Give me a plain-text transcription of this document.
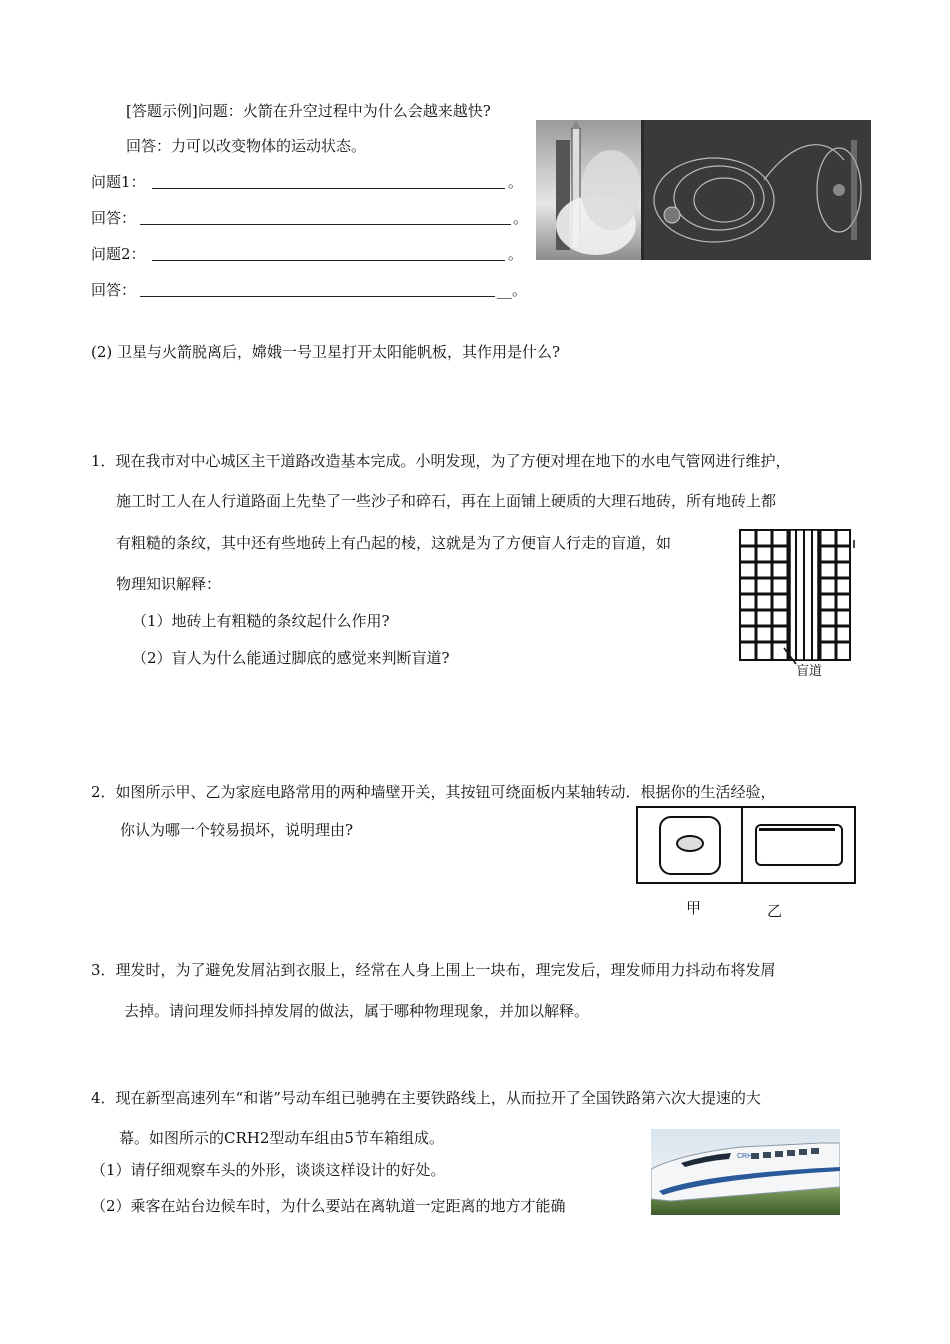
[答题示例]问题：火箭在升空过程中为什么会越来越快?
回答：力可以改变物体的运动状态。
问题1：	。
回答：	。
问题2：	。
回答：	__。
(2) 卫星与火箭脱离后，嫦娥一号卫星打开太阳能帆板，其作用是什么?
1．现在我市对中心城区主干道路改造基本完成。小明发现，为了方便对埋在地下的水电气管网进行维护，
施工时工人在人行道路面上先垫了一些沙子和碎石，再在上面铺上硬质的大理石地砖，所有地砖上都
有粗糙的条纹，其中还有些地砖上有凸起的棱，这就是为了方便盲人行走的盲道，如
物理知识解释：
（1）地砖上有粗糙的条纹起什么作用?
（2）盲人为什么能通过脚底的感觉来判断盲道?
盲道
2．如图所示甲、乙为家庭电路常用的两种墙壁开关，其按钮可绕面板内某轴转动．根据你的生活经验，
你认为哪一个较易损坏，说明理由?
甲	乙
3．理发时，为了避免发屑沾到衣服上，经常在人身上围上一块布，理完发后，理发师用力抖动布将发屑
去掉。请问理发师抖掉发屑的做法，属于哪种物理现象，并加以解释。
4．现在新型高速列车“和谐”号动车组已驰骋在主要铁路线上，从而拉开了全国铁路第六次大提速的大
幕。如图所示的CRH2型动车组由5节车箱组成。
（1）请仔细观察车头的外形，谈谈这样设计的好处。
（2）乘客在站台边候车时，为什么要站在离轨道一定距离的地方才能确
CRH
